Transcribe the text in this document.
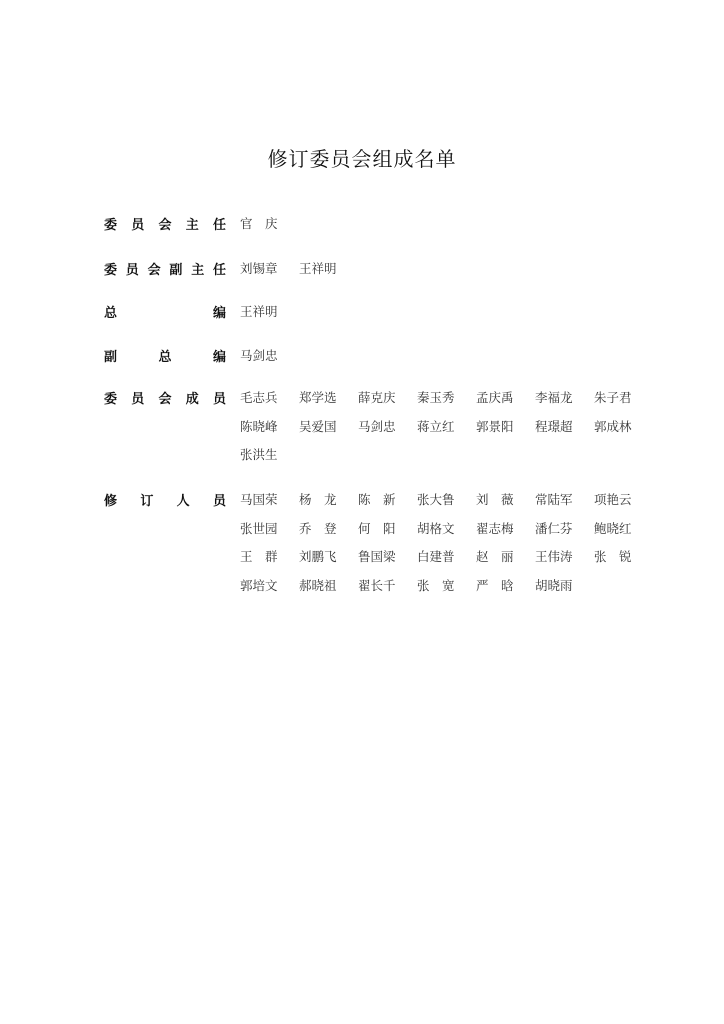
修订委员会组成名单
委 员 会 主 任 官　庆
委 员 会 副 主 任 刘锡章	王祥明
总	编 王祥明
副	总	编 马剑忠
委 员 会 成 员 毛志兵	郑学选	薛克庆	秦玉秀	孟庆禹	李福龙	朱子君
陈晓峰	吴爱国	马剑忠	蒋立红	郭景阳	程璟超	郭成林
张洪生
修 订 人 员 马国荣	杨　龙	陈　新	张大鲁	刘　薇	常陆军	项艳云
张世园	乔　登	何　阳	胡格文	翟志梅	潘仁芬	鲍晓红
王　群	刘鹏飞	鲁国梁	白建普	赵　丽	王伟涛	张　锐
郭培文	郝晓祖	翟长千	张　宽	严　晗	胡晓雨
